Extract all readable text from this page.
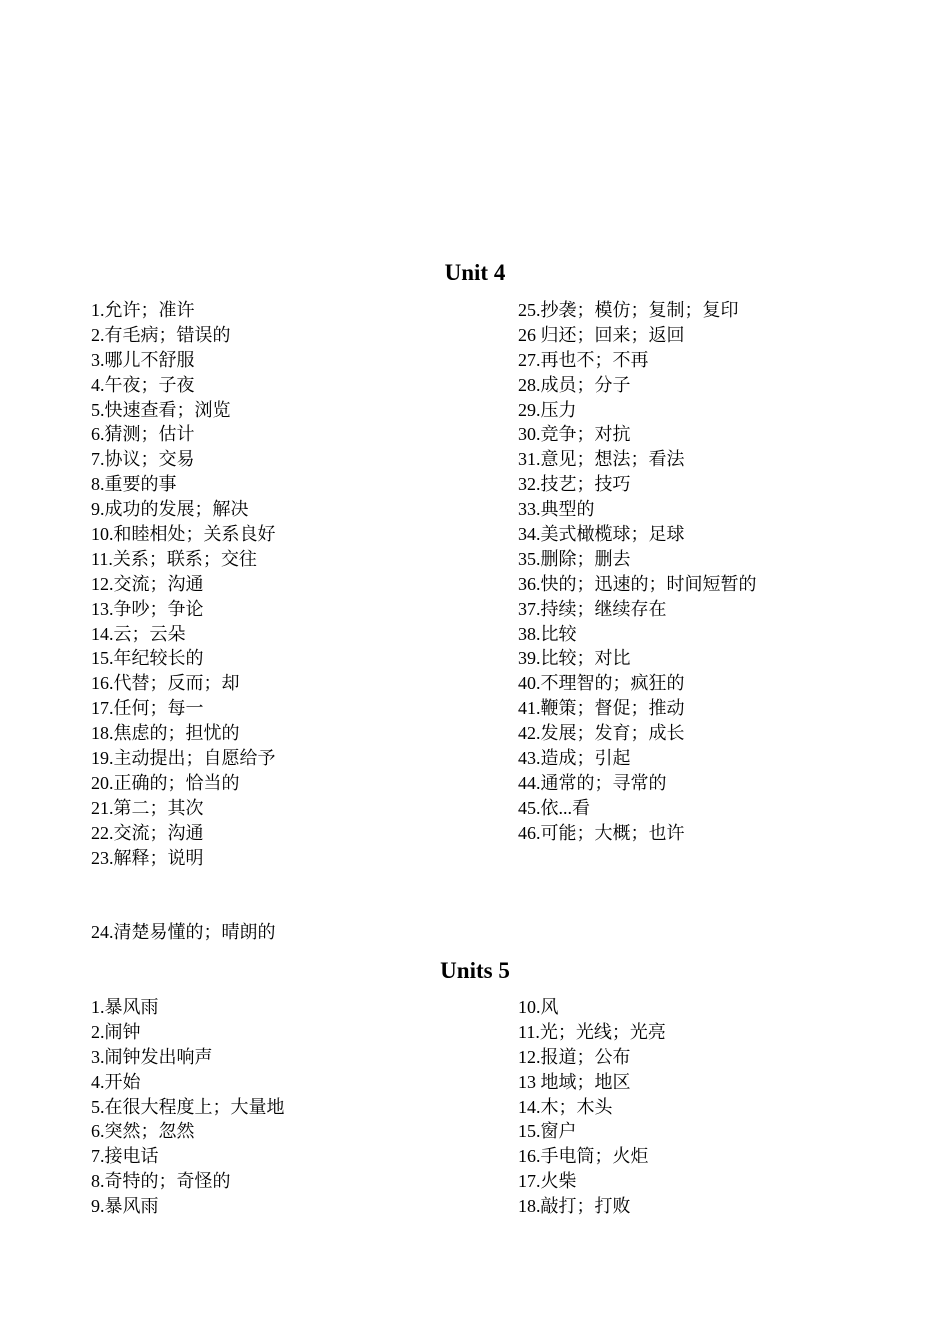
Unit 4
1.允许；准许
2.有毛病；错误的
3.哪儿不舒服
4.午夜；子夜
5.快速查看；浏览
6.猜测；估计
7.协议；交易
8.重要的事
9.成功的发展；解决
10.和睦相处；关系良好
11.关系；联系；交往
12.交流；沟通
13.争吵；争论
14.云；云朵
15.年纪较长的
16.代替；反而；却
17.任何；每一
18.焦虑的；担忧的
19.主动提出；自愿给予
20.正确的；恰当的
21.第二；其次
22.交流；沟通
23.解释；说明
25.抄袭；模仿；复制；复印
26 归还；回来；返回
27.再也不；不再
28.成员；分子
29.压力
30.竞争；对抗
31.意见；想法；看法
32.技艺；技巧
33.典型的
34.美式橄榄球；足球
35.删除；删去
36.快的；迅速的；时间短暂的
37.持续；继续存在
38.比较
39.比较；对比
40.不理智的；疯狂的
41.鞭策；督促；推动
42.发展；发育；成长
43.造成；引起
44.通常的；寻常的
45.依...看
46.可能；大概；也许
24.清楚易懂的；晴朗的
Units 5
1.暴风雨
2.闹钟
3.闹钟发出响声
4.开始
5.在很大程度上；大量地
6.突然；忽然
7.接电话
8.奇特的；奇怪的
9.暴风雨
10.风
11.光；光线；光亮
12.报道；公布
13 地域；地区
14.木；木头
15.窗户
16.手电筒；火炬
17.火柴
18.敲打；打败
